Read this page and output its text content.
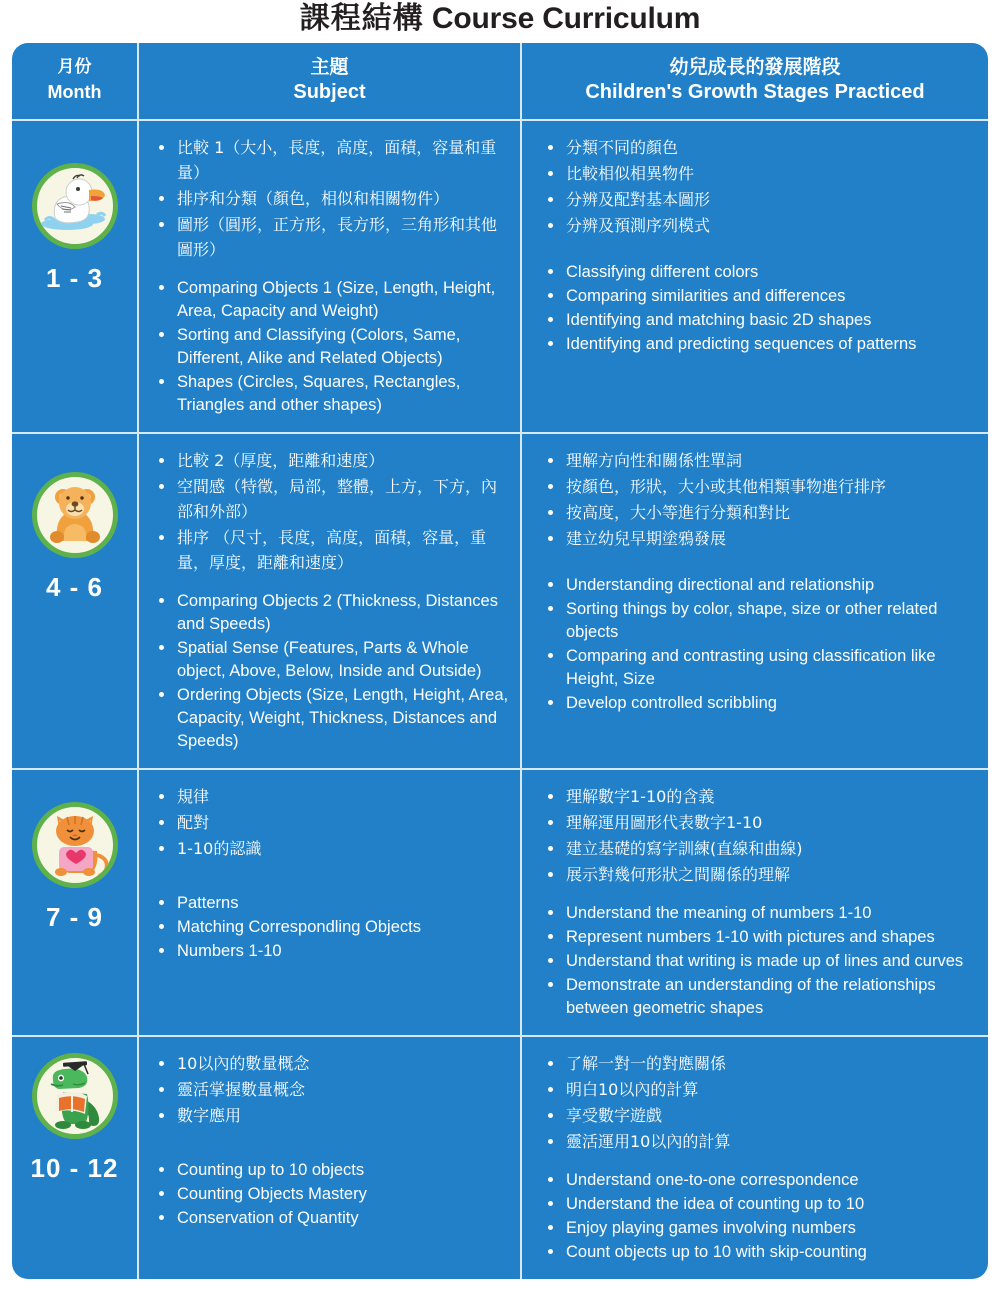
課程結構 Course Curriculum
月份
Month
主題
Subject
幼兒成長的發展階段
Children's Growth Stages Practiced
1 - 3
比較 1（大小，長度，高度，面積，容量和重量）
排序和分類（顏色，相似和相關物件）
圖形（圓形，正方形，長方形，三角形和其他圖形）
Comparing Objects 1 (Size, Length, Height, Area, Capacity and Weight)
Sorting and Classifying (Colors, Same, Different, Alike and Related Objects)
Shapes (Circles, Squares, Rectangles, Triangles and other shapes)
分類不同的顏色
比較相似相異物件
分辨及配對基本圖形
分辨及預測序列模式
Classifying different colors
Comparing similarities and differences
Identifying and matching basic 2D shapes
Identifying and predicting sequences of patterns
4 - 6
比較 2（厚度，距離和速度）
空間感（特徵，局部，整體，上方，下方，內部和外部）
排序 （尺寸，長度，高度，面積，容量，重量，厚度，距離和速度）
Comparing Objects 2 (Thickness, Distances and Speeds)
Spatial Sense (Features, Parts & Whole object, Above, Below, Inside and Outside)
Ordering Objects (Size, Length, Height, Area, Capacity, Weight, Thickness, Distances and Speeds)
理解方向性和關係性單詞
按顏色，形狀，大小或其他相類事物進行排序
按高度，大小等進行分類和對比
建立幼兒早期塗鴉發展
Understanding directional and relationship
Sorting things by color, shape, size or other related objects
Comparing and contrasting using classification like Height, Size
Develop controlled scribbling
7 - 9
規律
配對
1-10的認識
Patterns
Matching Correspondling Objects
Numbers 1-10
理解數字1-10的含義
理解運用圖形代表數字1-10
建立基礎的寫字訓練(直線和曲線)
展示對幾何形狀之間關係的理解
Understand the meaning of numbers 1-10
Represent numbers 1-10 with pictures and shapes
Understand that writing is made up of lines and curves
Demonstrate an understanding of the relationships between geometric shapes
10 - 12
10以內的數量概念
靈活掌握數量概念
數字應用
Counting up to 10 objects
Counting Objects Mastery
Conservation of Quantity
了解一對一的對應關係
明白10以內的計算
享受數字遊戲
靈活運用10以內的計算
Understand one-to-one correspondence
Understand the idea of counting up to 10
Enjoy playing games involving numbers
Count objects up to 10 with skip-counting
